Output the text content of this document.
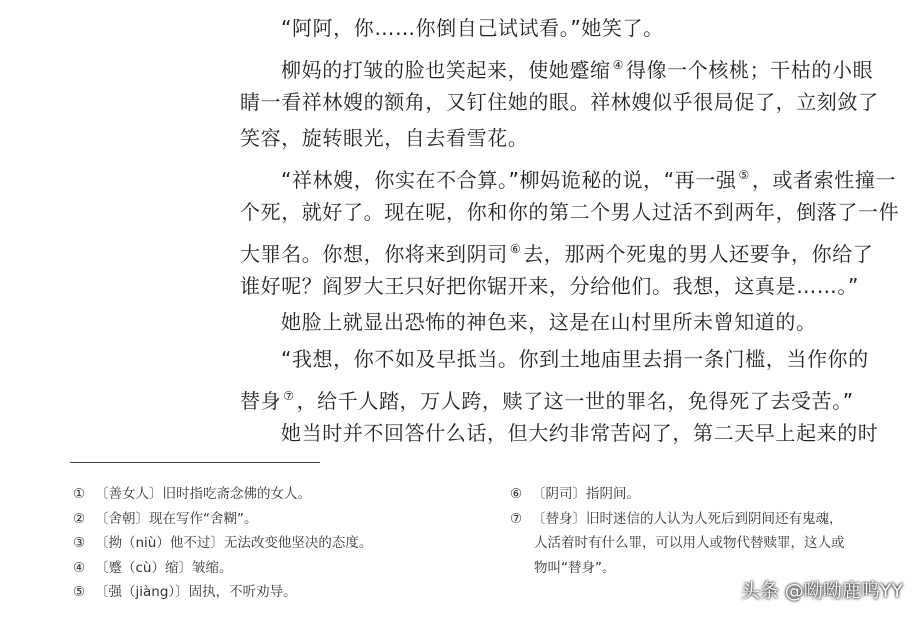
“阿阿，你……你倒自己试试看。”她笑了。
柳妈的打皱的脸也笑起来，使她蹙缩 ④ 得像一个核桃；干枯的小眼
睛一看祥林嫂的额角，又钉住她的眼。祥林嫂似乎很局促了，立刻敛了
笑容，旋转眼光，自去看雪花。
“祥林嫂，你实在不合算。”柳妈诡秘的说，“再一强 ⑤ ，或者索性撞一
个死，就好了。现在呢，你和你的第二个男人过活不到两年，倒落了一件
大罪名。你想，你将来到阴司 ⑥ 去，那两个死鬼的男人还要争，你给了
谁好呢？阎罗大王只好把你锯开来，分给他们。我想，这真是……。”
她脸上就显出恐怖的神色来，这是在山村里所未曾知道的。
“我想，你不如及早抵当。你到土地庙里去捐一条门槛，当作你的
替身 ⑦ ，给千人踏，万人跨，赎了这一世的罪名，免得死了去受苦。”
她当时并不回答什么话，但大约非常苦闷了，第二天早上起来的时
① 〔善女人〕旧时指吃斋念佛的女人。
② 〔舍朝〕现在写作“舍糊”。
③ 〔拗（niù）他不过〕无法改变他坚决的态度。
④ 〔蹙（cù）缩〕皱缩。
⑤ 〔强（jiàng）〕固执，不听劝导。
⑥ 〔阴司〕指阴间。
⑦ 〔替身〕旧时迷信的人认为人死后到阴间还有鬼魂，
人活着时有什么罪，可以用人或物代替赎罪，这人或
物叫“替身”。
头条 @呦呦鹿鸣YY
